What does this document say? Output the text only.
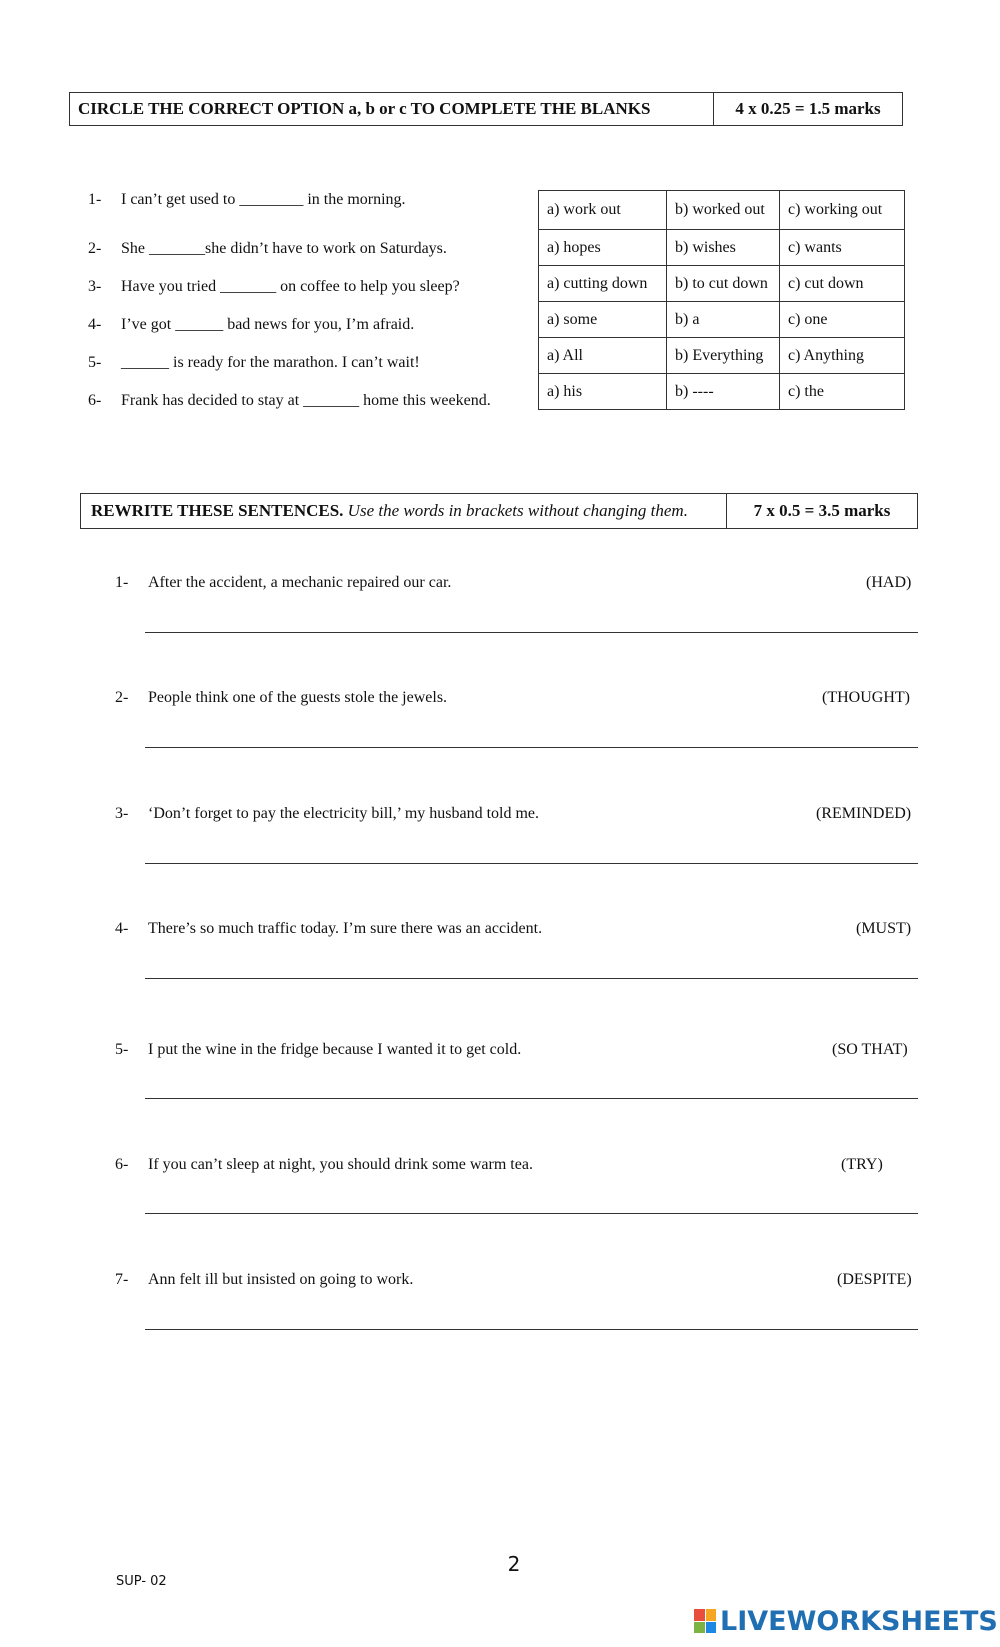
CIRCLE THE CORRECT OPTION a, b or c TO COMPLETE THE BLANKS	4 x 0.25 = 1.5 marks
1- I can’t get used to ________ in the morning.
2- She _______she didn’t have to work on Saturdays.
3- Have you tried _______ on coffee to help you sleep?
4- I’ve got ______ bad news for you, I’m afraid.
5- ______ is ready for the marathon. I can’t wait!
6- Frank has decided to stay at _______ home this weekend.
a) work out	b) worked out	c) working out
a) hopes	b) wishes	c) wants
a) cutting down	b) to cut down	c) cut down
a) some	b) a	c) one
a) All	b) Everything	c) Anything
a) his	b) ----	c) the
REWRITE THESE SENTENCES. Use the words in brackets without changing them.	7 x 0.5 = 3.5 marks
1- After the accident, a mechanic repaired our car.	(HAD)
2- People think one of the guests stole the jewels.	(THOUGHT)
3- ‘Don’t forget to pay the electricity bill,’ my husband told me.	(REMINDED)
4- There’s so much traffic today. I’m sure there was an accident.	(MUST)
5- I put the wine in the fridge because I wanted it to get cold.	(SO THAT)
6- If you can’t sleep at night, you should drink some warm tea.	(TRY)
7- Ann felt ill but insisted on going to work.	(DESPITE)
2
SUP- 02
LIVEWORKSHEETS
